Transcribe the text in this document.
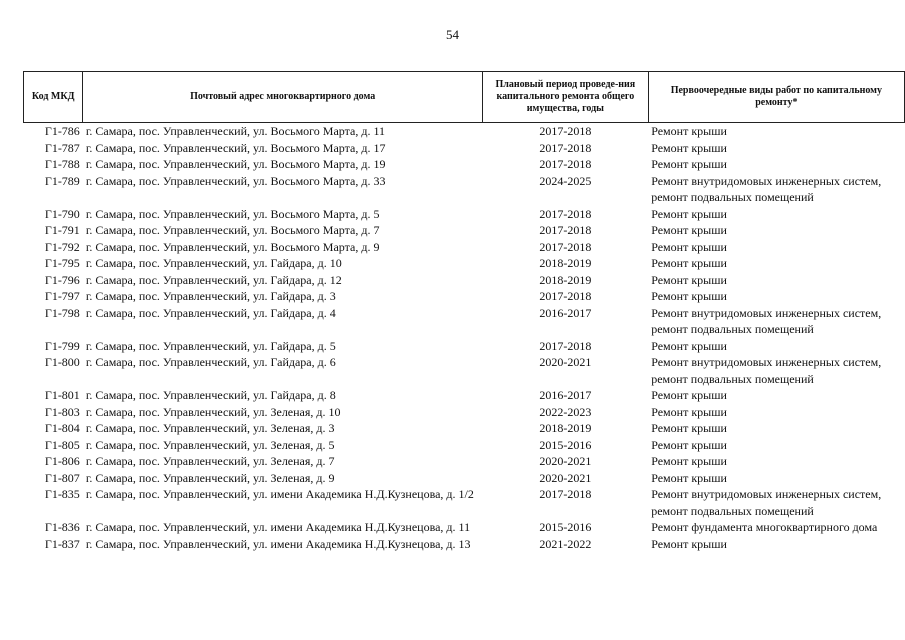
54
Код МКД	Почтовый адрес многоквартирного дома	Плановый период проведе-ния капитального ремонта общего имущества, годы	Первоочередные виды работ по капитальному ремонту*
Г1-786	г. Самара, пос. Управленческий, ул. Восьмого Марта, д. 11	2017-2018	Ремонт крыши
Г1-787	г. Самара, пос. Управленческий, ул. Восьмого Марта, д. 17	2017-2018	Ремонт крыши
Г1-788	г. Самара, пос. Управленческий, ул. Восьмого Марта, д. 19	2017-2018	Ремонт крыши
Г1-789	г. Самара, пос. Управленческий, ул. Восьмого Марта, д. 33	2024-2025	Ремонт внутридомовых инженерных систем, ремонт подвальных помещений
Г1-790	г. Самара, пос. Управленческий, ул. Восьмого Марта, д. 5	2017-2018	Ремонт крыши
Г1-791	г. Самара, пос. Управленческий, ул. Восьмого Марта, д. 7	2017-2018	Ремонт крыши
Г1-792	г. Самара, пос. Управленческий, ул. Восьмого Марта, д. 9	2017-2018	Ремонт крыши
Г1-795	г. Самара, пос. Управленческий, ул. Гайдара, д. 10	2018-2019	Ремонт крыши
Г1-796	г. Самара, пос. Управленческий, ул. Гайдара, д. 12	2018-2019	Ремонт крыши
Г1-797	г. Самара, пос. Управленческий, ул. Гайдара, д. 3	2017-2018	Ремонт крыши
Г1-798	г. Самара, пос. Управленческий, ул. Гайдара, д. 4	2016-2017	Ремонт внутридомовых инженерных систем, ремонт подвальных помещений
Г1-799	г. Самара, пос. Управленческий, ул. Гайдара, д. 5	2017-2018	Ремонт крыши
Г1-800	г. Самара, пос. Управленческий, ул. Гайдара, д. 6	2020-2021	Ремонт внутридомовых инженерных систем, ремонт подвальных помещений
Г1-801	г. Самара, пос. Управленческий, ул. Гайдара, д. 8	2016-2017	Ремонт крыши
Г1-803	г. Самара, пос. Управленческий, ул. Зеленая, д. 10	2022-2023	Ремонт крыши
Г1-804	г. Самара, пос. Управленческий, ул. Зеленая, д. 3	2018-2019	Ремонт крыши
Г1-805	г. Самара, пос. Управленческий, ул. Зеленая, д. 5	2015-2016	Ремонт крыши
Г1-806	г. Самара, пос. Управленческий, ул. Зеленая, д. 7	2020-2021	Ремонт крыши
Г1-807	г. Самара, пос. Управленческий, ул. Зеленая, д. 9	2020-2021	Ремонт крыши
Г1-835	г. Самара, пос. Управленческий, ул. имени Академика Н.Д.Кузнецова, д. 1/2	2017-2018	Ремонт внутридомовых инженерных систем, ремонт подвальных помещений
Г1-836	г. Самара, пос. Управленческий, ул. имени Академика Н.Д.Кузнецова, д. 11	2015-2016	Ремонт фундамента многоквартирного дома
Г1-837	г. Самара, пос. Управленческий, ул. имени Академика Н.Д.Кузнецова, д. 13	2021-2022	Ремонт крыши
